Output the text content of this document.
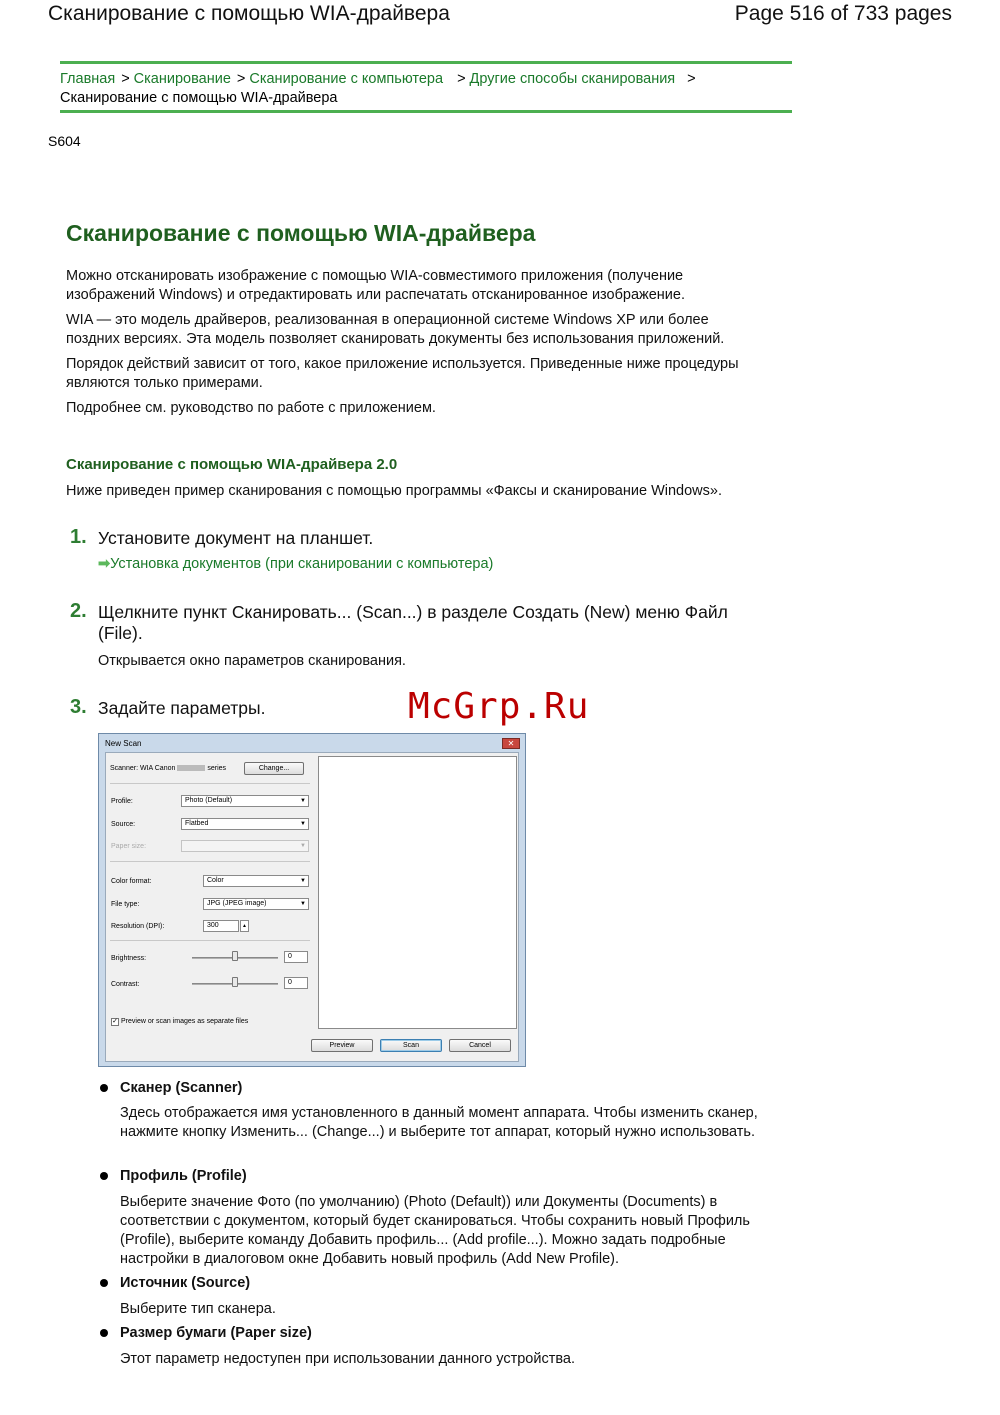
Сканирование с помощью WIA-драйвера	Page 516 of 733 pages
Главная > Сканирование > Сканирование с компьютера > Другие способы сканирования >
Сканирование с помощью WIA-драйвера
S604
Сканирование с помощью WIA-драйвера
Можно отсканировать изображение с помощью WIA-совместимого приложения (получение изображений Windows) и отредактировать или распечатать отсканированное изображение.
WIA — это модель драйверов, реализованная в операционной системе Windows XP или более поздних версиях. Эта модель позволяет сканировать документы без использования приложений.
Порядок действий зависит от того, какое приложение используется. Приведенные ниже процедуры являются только примерами.
Подробнее см. руководство по работе с приложением.
Сканирование с помощью WIA-драйвера 2.0
Ниже приведен пример сканирования с помощью программы «Факсы и сканирование Windows».
1. Установите документ на планшет.
➡Установка документов (при сканировании с компьютера)
2. Щелкните пункт Сканировать... (Scan...) в разделе Создать (New) меню Файл (File).
Открывается окно параметров сканирования.
3. Задайте параметры.	McGrp.Ru
New Scan	✕
Scanner: WIA Canon	series	Change...
Profile:	Photo (Default)	▼
Source:	Flatbed	▼
Paper size:	▼
Color format:	Color	▼
File type:	JPG (JPEG image)	▼
Resolution (DPI):	300	▲
Brightness:	0
Contrast:	0
✓ Preview or scan images as separate files
Preview	Scan	Cancel
Сканер (Scanner)
Здесь отображается имя установленного в данный момент аппарата. Чтобы изменить сканер, нажмите кнопку Изменить... (Change...) и выберите тот аппарат, который нужно использовать.
Профиль (Profile)
Выберите значение Фото (по умолчанию) (Photo (Default)) или Документы (Documents) в соответствии с документом, который будет сканироваться. Чтобы сохранить новый Профиль (Profile), выберите команду Добавить профиль... (Add profile...). Можно задать подробные настройки в диалоговом окне Добавить новый профиль (Add New Profile).
Источник (Source)
Выберите тип сканера.
Размер бумаги (Paper size)
Этот параметр недоступен при использовании данного устройства.
